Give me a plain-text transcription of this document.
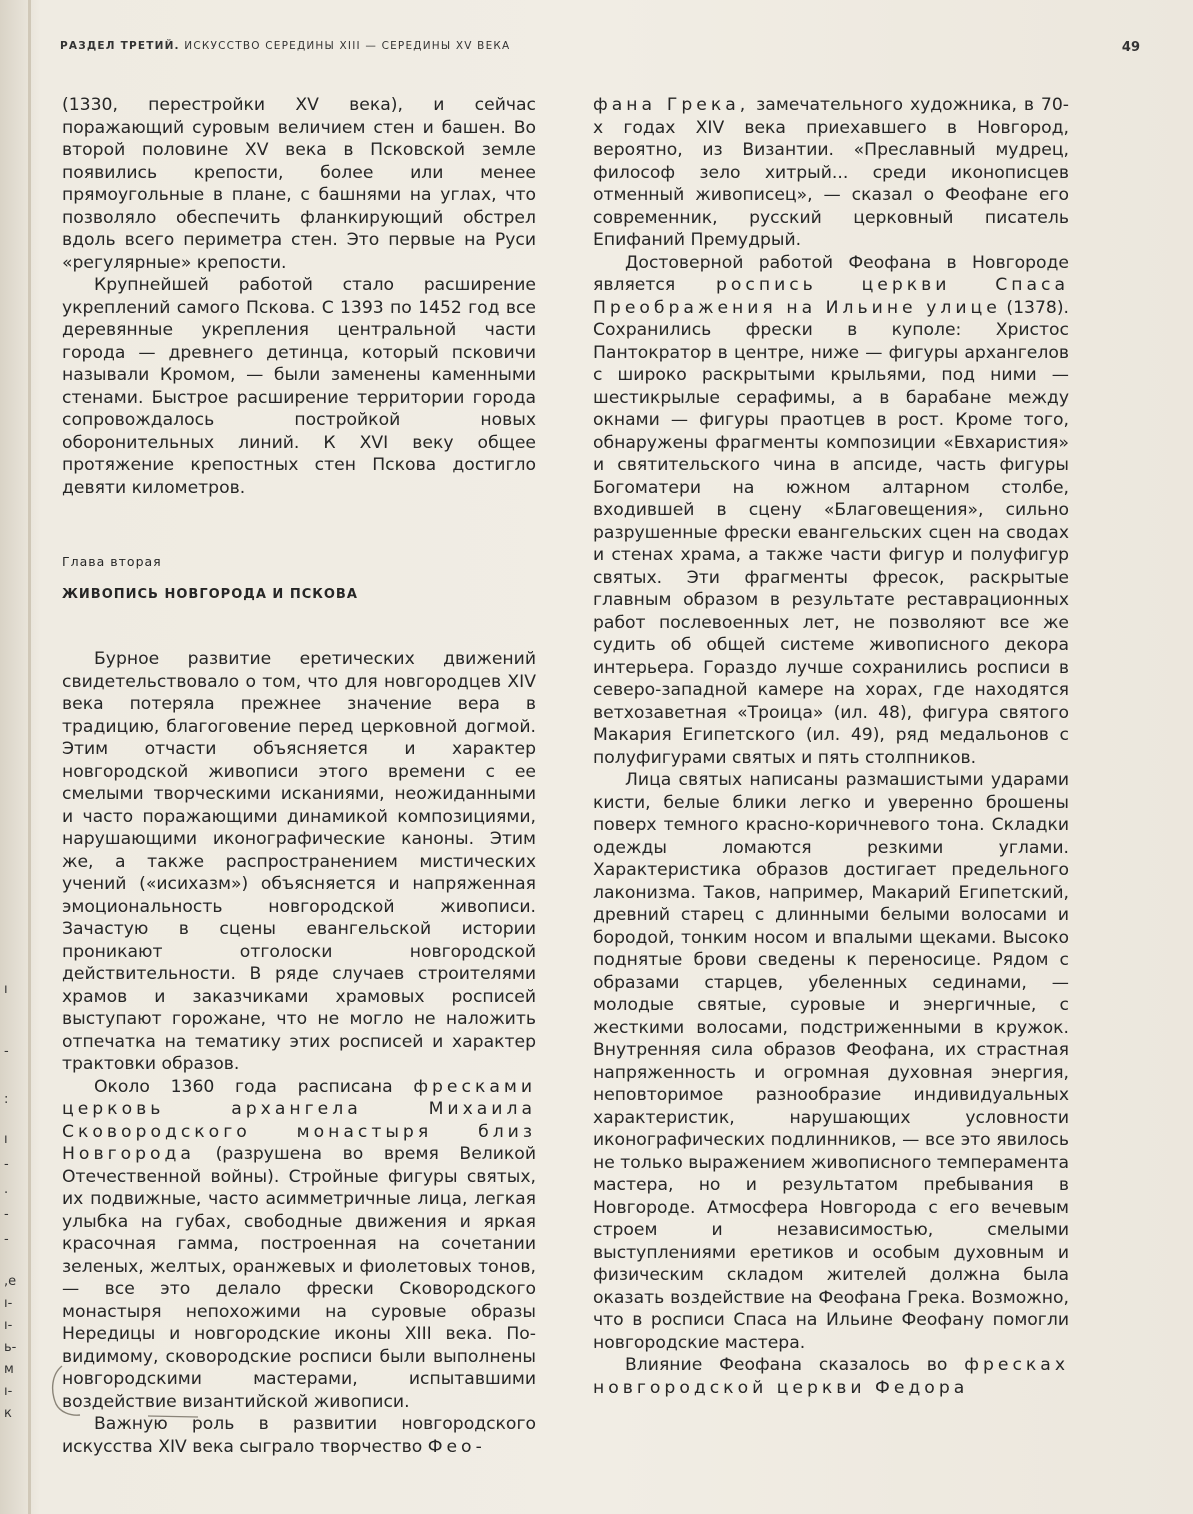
РАЗДЕЛ ТРЕТИЙ. ИСКУССТВО СЕРЕДИНЫ XIII — СЕРЕДИНЫ XV ВЕКА	49

(1330, перестройки XV века), и сейчас поражающий суровым величием стен и башен. Во второй половине XV века в Псковской земле появились крепости, более или менее прямоугольные в плане, с башнями на углах, что позволяло обеспечить фланкирующий обстрел вдоль всего периметра стен. Это первые на Руси «регулярные» крепости.

Крупнейшей работой стало расширение укреплений самого Пскова. С 1393 по 1452 год все деревянные укрепления центральной части города — древнего детинца, который псковичи называли Кромом, — были заменены каменными стенами. Быстрое расширение территории города сопровождалось постройкой новых оборонительных линий. К XVI веку общее протяжение крепостных стен Пскова достигло девяти километров.

Глава вторая

ЖИВОПИСЬ НОВГОРОДА И ПСКОВА

Бурное развитие еретических движений свидетельствовало о том, что для новгородцев XIV века потеряла прежнее значение вера в традицию, благоговение перед церковной догмой. Этим отчасти объясняется и характер новгородской живописи этого времени с ее смелыми творческими исканиями, неожиданными и часто поражающими динамикой композициями, нарушающими иконографические каноны. Этим же, а также распространением мистических учений («исихазм») объясняется и напряженная эмоциональность новгородской живописи. Зачастую в сцены евангельской истории проникают отголоски новгородской действительности. В ряде случаев строителями храмов и заказчиками храмовых росписей выступают горожане, что не могло не наложить отпечатка на тематику этих росписей и характер трактовки образов.

Около 1360 года расписана фресками церковь архангела Михаила Сковородского монастыря близ Новгорода (разрушена во время Великой Отечественной войны). Стройные фигуры святых, их подвижные, часто асимметричные лица, легкая улыбка на губах, свободные движения и яркая красочная гамма, построенная на сочетании зеленых, желтых, оранжевых и фиолетовых тонов, — все это делало фрески Сковородского монастыря непохожими на суровые образы Нередицы и новгородские иконы XIII века. По-видимому, сковородские росписи были выполнены новгородскими мастерами, испытавшими воздействие византийской живописи.

Важную роль в развитии новгородского искусства XIV века сыграло творчество Фео-

фана Грека, замечательного художника, в 70-х годах XIV века приехавшего в Новгород, вероятно, из Византии. «Преславный мудрец, философ зело хитрый... среди иконописцев отменный живописец», — сказал о Феофане его современник, русский церковный писатель Епифаний Премудрый.

Достоверной работой Феофана в Новгороде является роспись церкви Спаса Преображения на Ильине улице (1378). Сохранились фрески в куполе: Христос Пантократор в центре, ниже — фигуры архангелов с широко раскрытыми крыльями, под ними — шестикрылые серафимы, а в барабане между окнами — фигуры праотцев в рост. Кроме того, обнаружены фрагменты композиции «Евхаристия» и святительского чина в апсиде, часть фигуры Богоматери на южном алтарном столбе, входившей в сцену «Благовещения», сильно разрушенные фрески евангельских сцен на сводах и стенах храма, а также части фигур и полуфигур святых. Эти фрагменты фресок, раскрытые главным образом в результате реставрационных работ послевоенных лет, не позволяют все же судить об общей системе живописного декора интерьера. Гораздо лучше сохранились росписи в северо-западной камере на хорах, где находятся ветхозаветная «Троица» (ил. 48), фигура святого Макария Египетского (ил. 49), ряд медальонов с полуфигурами святых и пять столпников.

Лица святых написаны размашистыми ударами кисти, белые блики легко и уверенно брошены поверх темного красно-коричневого тона. Складки одежды ломаются резкими углами. Характеристика образов достигает предельного лаконизма. Таков, например, Макарий Египетский, древний старец с длинными белыми волосами и бородой, тонким носом и впалыми щеками. Высоко поднятые брови сведены к переносице. Рядом с образами старцев, убеленных сединами, — молодые святые, суровые и энергичные, с жесткими волосами, подстриженными в кружок. Внутренняя сила образов Феофана, их страстная напряженность и огромная духовная энергия, неповторимое разнообразие индивидуальных характеристик, нарушающих условности иконографических подлинников, — все это явилось не только выражением живописного темперамента мастера, но и результатом пребывания в Новгороде. Атмосфера Новгорода с его вечевым строем и независимостью, смелыми выступлениями еретиков и особым духовным и физическим складом жителей должна была оказать воздействие на Феофана Грека. Возможно, что в росписи Спаса на Ильине Феофану помогли новгородские мастера.

Влияние Феофана сказалось во фресках новгородской церкви Федора

ı
-
:
ı
-
.
-
-
,е
ı-
ı-
ь-
м
ı-
к
